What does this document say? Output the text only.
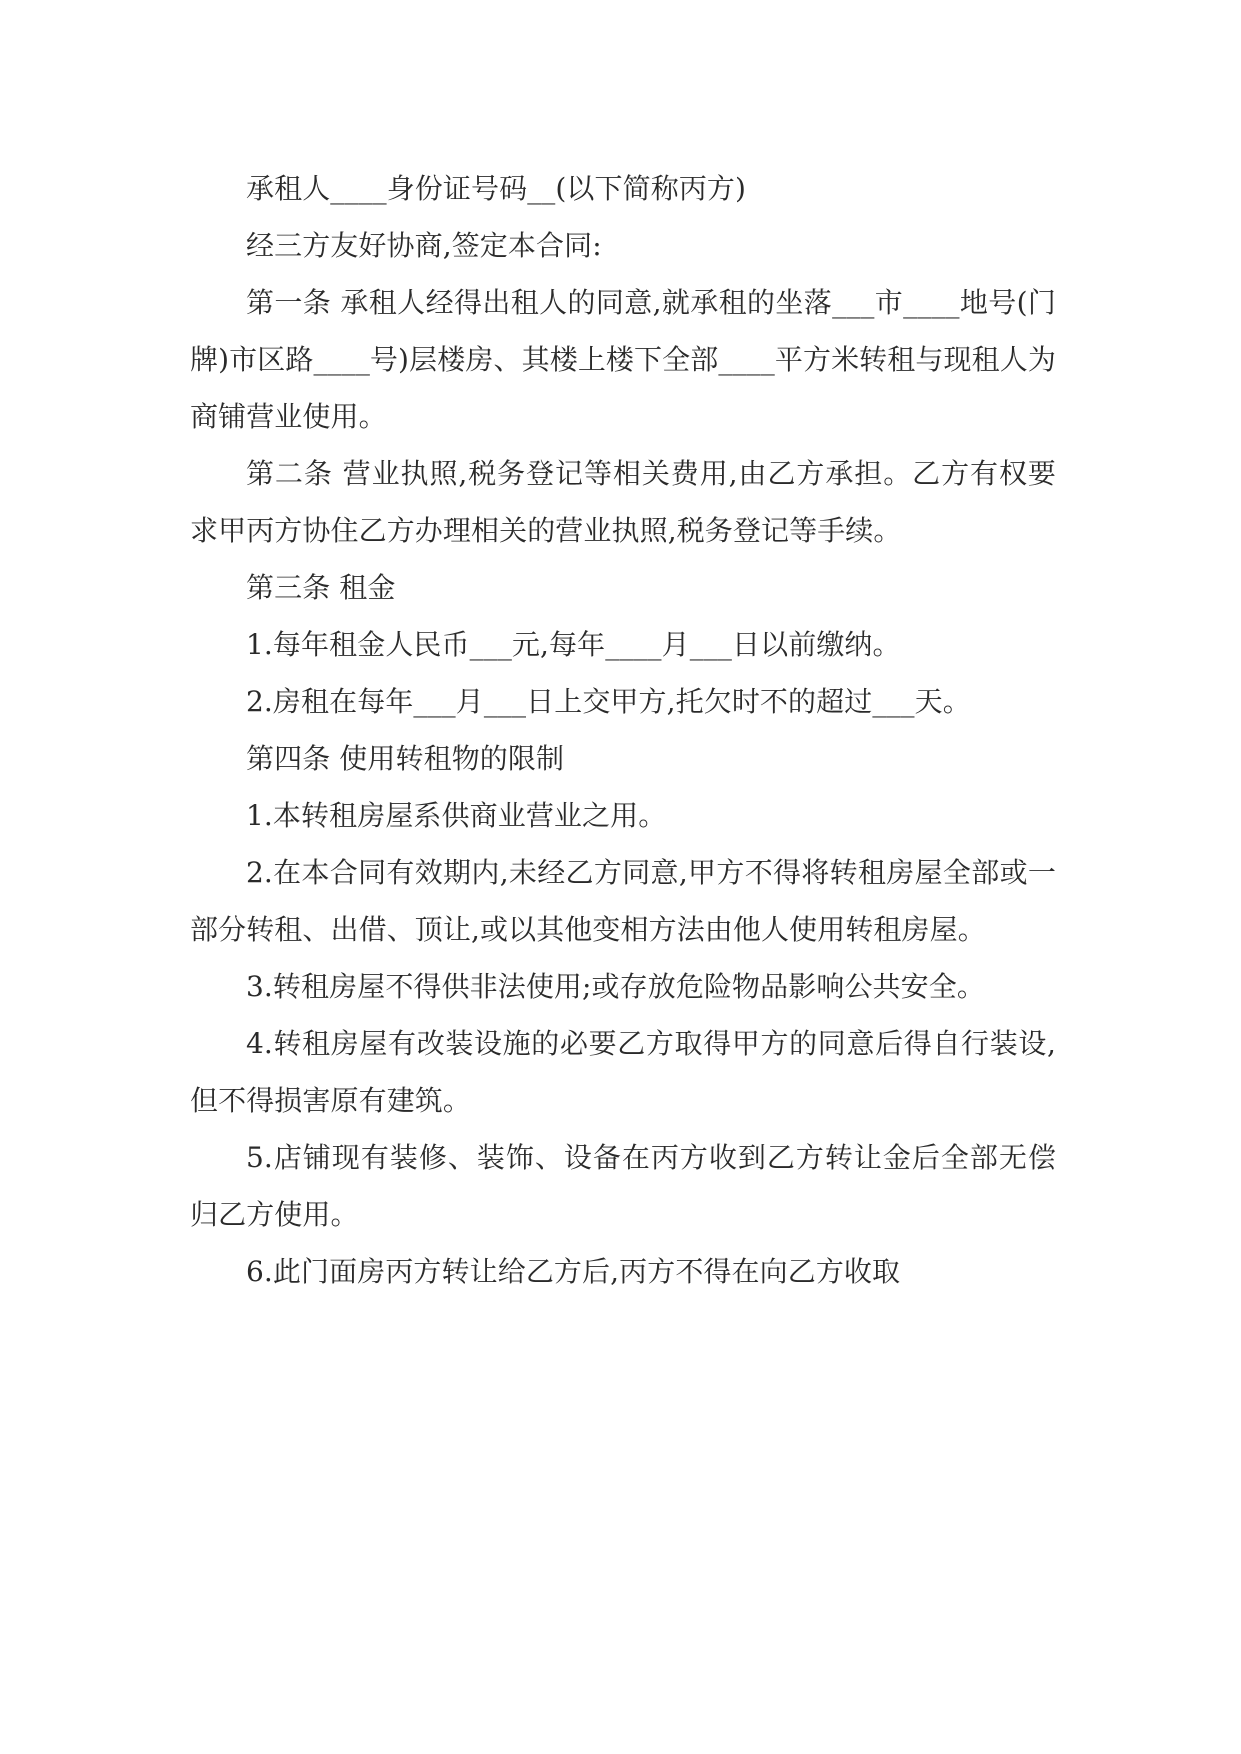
承租人____身份证号码__(以下简称丙方)

经三方友好协商,签定本合同:

第一条 承租人经得出租人的同意,就承租的坐落___市____地号(门牌)市区路____号)层楼房、其楼上楼下全部____平方米转租与现租人为商铺营业使用。

第二条 营业执照,税务登记等相关费用,由乙方承担。乙方有权要求甲丙方协住乙方办理相关的营业执照,税务登记等手续。

第三条 租金

1.每年租金人民币___元,每年____月___日以前缴纳。

2.房租在每年___月___日上交甲方,托欠时不的超过___天。

第四条 使用转租物的限制

1.本转租房屋系供商业营业之用。

2.在本合同有效期内,未经乙方同意,甲方不得将转租房屋全部或一部分转租、出借、顶让,或以其他变相方法由他人使用转租房屋。

3.转租房屋不得供非法使用;或存放危险物品影响公共安全。

4.转租房屋有改装设施的必要乙方取得甲方的同意后得自行装设,但不得损害原有建筑。

5.店铺现有装修、装饰、设备在丙方收到乙方转让金后全部无偿归乙方使用。

6.此门面房丙方转让给乙方后,丙方不得在向乙方收取
